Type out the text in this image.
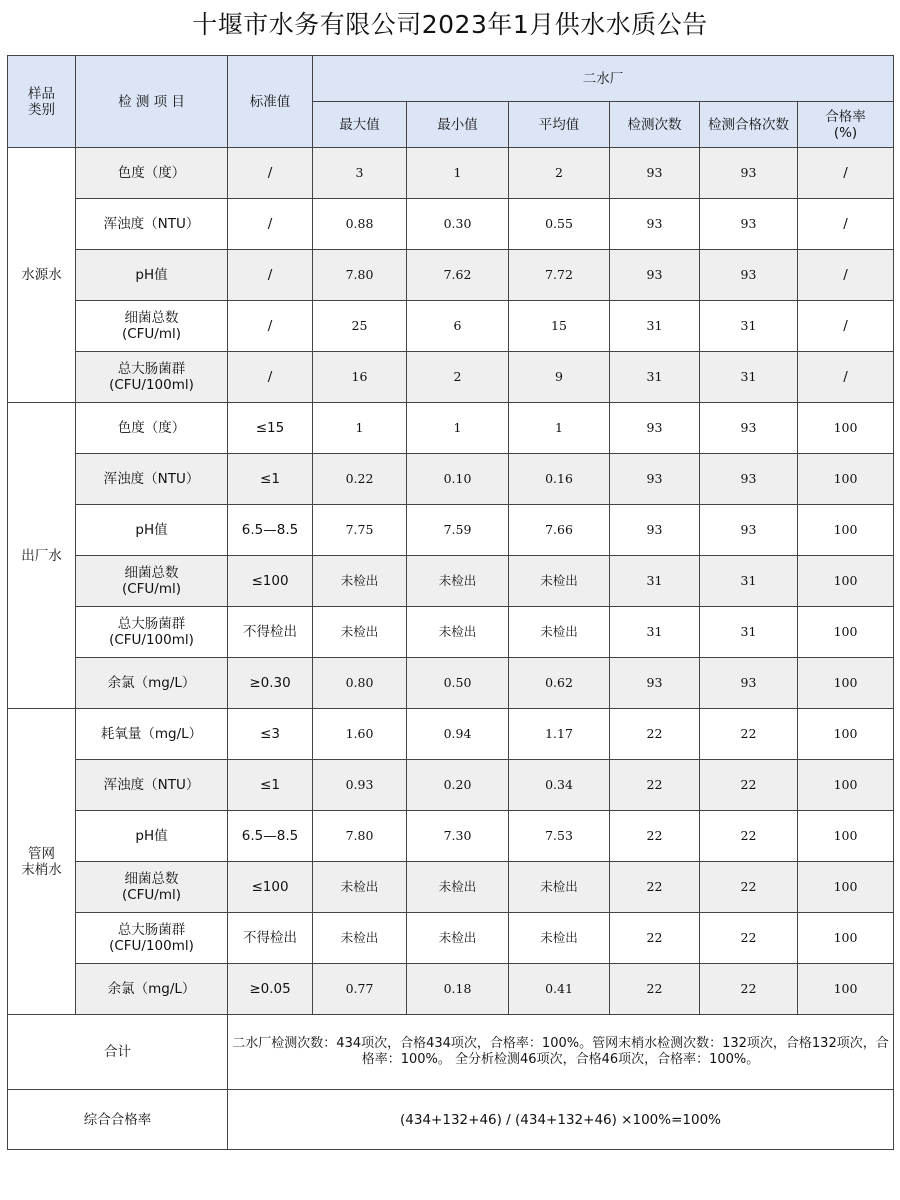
十堰市水务有限公司2023年1月供水水质公告
样品
类别	检 测 项 目	标准值	二水厂					
			最大值	最小值	平均值	检测次数	检测合格次数	合格率
(%)
水源水	色度（度）	/	3	1	2	93	93	/
	浑浊度（NTU）	/	0.88	0.30	0.55	93	93	/
	pH值	/	7.80	7.62	7.72	93	93	/
	细菌总数
(CFU/ml)	/	25	6	15	31	31	/
	总大肠菌群
(CFU/100ml)	/	16	2	9	31	31	/
出厂水	色度（度）	≤15	1	1	1	93	93	100
	浑浊度（NTU）	≤1	0.22	0.10	0.16	93	93	100
	pH值	6.5—8.5	7.75	7.59	7.66	93	93	100
	细菌总数
(CFU/ml)	≤100	未检出	未检出	未检出	31	31	100
	总大肠菌群
(CFU/100ml)	不得检出	未检出	未检出	未检出	31	31	100
	余氯（mg/L）	≥0.30	0.80	0.50	0.62	93	93	100
管网
末梢水	耗氧量（mg/L）	≤3	1.60	0.94	1.17	22	22	100
	浑浊度（NTU）	≤1	0.93	0.20	0.34	22	22	100
	pH值	6.5—8.5	7.80	7.30	7.53	22	22	100
	细菌总数
(CFU/ml)	≤100	未检出	未检出	未检出	22	22	100
	总大肠菌群
(CFU/100ml)	不得检出	未检出	未检出	未检出	22	22	100
	余氯（mg/L）	≥0.05	0.77	0.18	0.41	22	22	100
合计		二水厂检测次数：434项次，合格434项次，合格率：100%。管网末梢水检测次数：132项次，合格132项次，合格率：100%。 全分析检测46项次，合格46项次，合格率：100%。						
综合合格率		(434+132+46) / (434+132+46) ×100%=100%						
